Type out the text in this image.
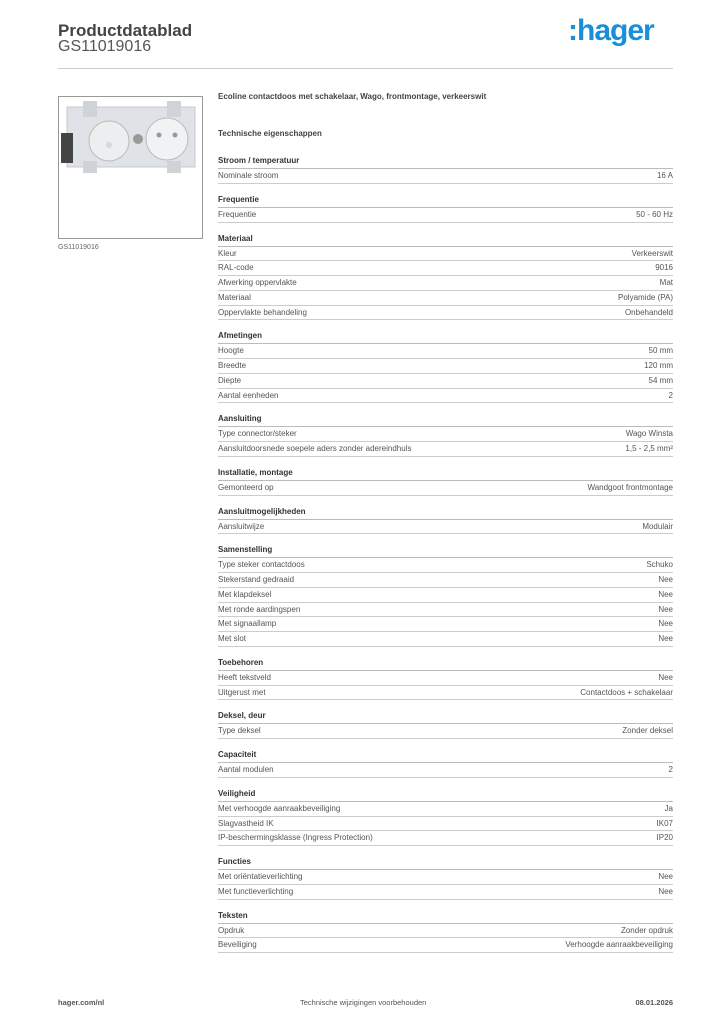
Productdatablad
GS11019016	:hager
GS11019016
Ecoline contactdoos met schakelaar, Wago, frontmontage, verkeerswit
Technische eigenschappen
Stroom / temperatuur
Nominale stroom	16 A
Frequentie
Frequentie	50 - 60 Hz
Materiaal
Kleur	Verkeerswit
RAL-code	9016
Afwerking oppervlakte	Mat
Materiaal	Polyamide (PA)
Oppervlakte behandeling	Onbehandeld
Afmetingen
Hoogte	50 mm
Breedte	120 mm
Diepte	54 mm
Aantal eenheden	2
Aansluiting
Type connector/steker	Wago Winsta
Aansluitdoorsnede soepele aders zonder adereindhuls	1,5 - 2,5 mm²
Installatie, montage
Gemonteerd op	Wandgoot frontmontage
Aansluitmogelijkheden
Aansluitwijze	Modulair
Samenstelling
Type steker contactdoos	Schuko
Stekerstand gedraaid	Nee
Met klapdeksel	Nee
Met ronde aardingspen	Nee
Met signaallamp	Nee
Met slot	Nee
Toebehoren
Heeft tekstveld	Nee
Uitgerust met	Contactdoos + schakelaar
Deksel, deur
Type deksel	Zonder deksel
Capaciteit
Aantal modulen	2
Veiligheid
Met verhoogde aanraakbeveiliging	Ja
Slagvastheid IK	IK07
IP-beschermingsklasse (Ingress Protection)	IP20
Functies
Met oriëntatieverlichting	Nee
Met functieverlichting	Nee
Teksten
Opdruk	Zonder opdruk
Beveiliging	Verhoogde aanraakbeveiliging
hager.com/nl	Technische wijzigingen voorbehouden	08.01.2026
